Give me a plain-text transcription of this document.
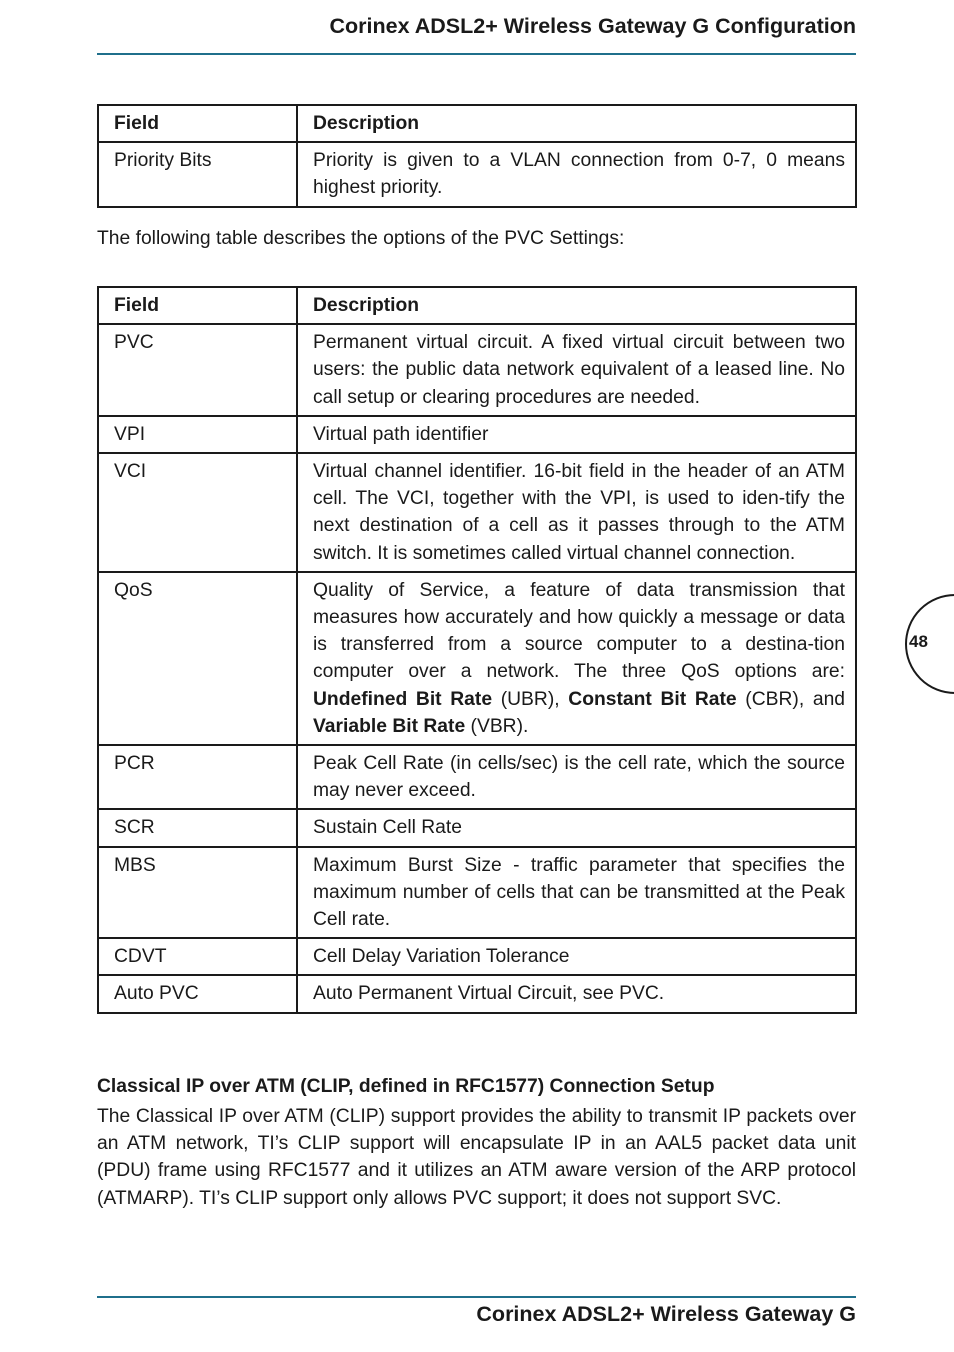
Corinex ADSL2+ Wireless Gateway G Configuration
Field	Description
Priority Bits	Priority is given to a VLAN connection from 0-7, 0 means highest priority.
The following table describes the options of the PVC Settings:
Field	Description
PVC	Permanent virtual circuit. A fixed virtual circuit between two users: the public data network equivalent of a leased line. No call setup or clearing procedures are needed.
VPI	Virtual path identifier
VCI	Virtual channel identifier. 16-bit field in the header of an ATM cell. The VCI, together with the VPI, is used to iden-tify the next destination of a cell as it passes through to the ATM switch. It is sometimes called virtual channel connection.
QoS	Quality of Service, a feature of data transmission that measures how accurately and how quickly a message or data is transferred from a source computer to a destina-tion computer over a network. The three QoS options are: Undefined Bit Rate (UBR), Constant Bit Rate (CBR), and Variable Bit Rate (VBR).
PCR	Peak Cell Rate (in cells/sec) is the cell rate, which the source may never exceed.
SCR	Sustain Cell Rate
MBS	Maximum Burst Size - traffic parameter that specifies the maximum number of cells that can be transmitted at the Peak Cell rate.
CDVT	Cell Delay Variation Tolerance
Auto PVC	Auto Permanent Virtual Circuit, see PVC.
Classical IP over ATM (CLIP, defined in RFC1577) Connection Setup

The Classical IP over ATM (CLIP) support provides the ability to transmit IP packets over an ATM network, TI’s CLIP support will encapsulate IP in an AAL5 packet data unit (PDU) frame using RFC1577 and it utilizes an ATM aware version of the ARP protocol (ATMARP). TI’s CLIP support only allows PVC support; it does not support SVC.

48
Corinex ADSL2+ Wireless Gateway G
